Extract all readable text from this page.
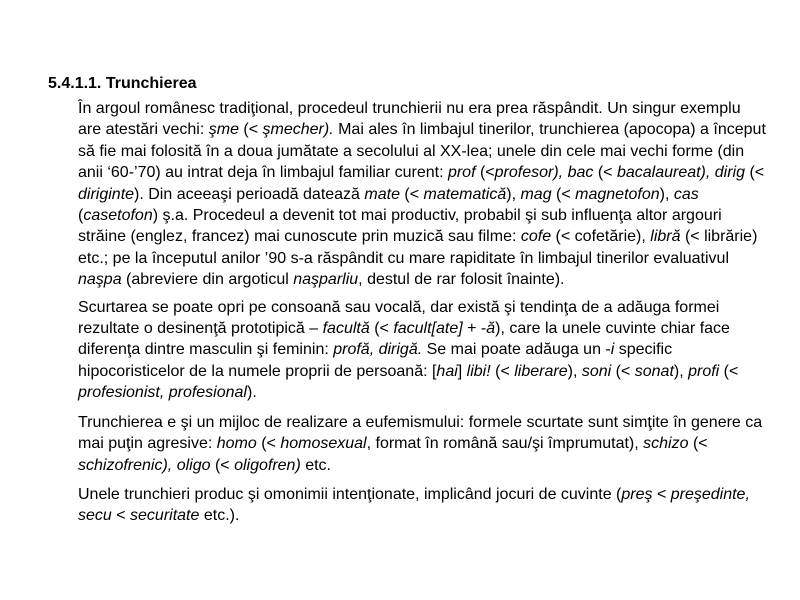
5.4.1.1. Trunchierea

În argoul românesc tradiţional, procedeul trunchierii nu era prea răspândit. Un singur exemplu are atestări vechi: şme (< şmecher). Mai ales în limbajul tinerilor, trunchierea (apocopa) a început să fie mai folosită în a doua jumătate a secolului al XX-lea; unele din cele mai vechi forme (din anii ‘60-’70) au intrat deja în limbajul familiar curent: prof (<profesor), bac (< bacalaureat), dirig (< diriginte). Din aceeaşi perioadă datează mate (< matematică), mag (< magnetofon), cas (casetofon) ş.a. Procedeul a devenit tot mai productiv, probabil şi sub influenţa altor argouri străine (englez, francez) mai cunoscute prin muzică sau filme: cofe (< cofetărie), libră (< librărie) etc.; pe la începutul anilor ’90 s-a răspândit cu mare rapiditate în limbajul tinerilor evaluativul naşpa (abreviere din argoticul naşparliu, destul de rar folosit înainte).

Scurtarea se poate opri pe consoană sau vocală, dar există şi tendinţa de a adăuga formei rezultate o desinenţă prototipică – facultă (< facult[ate] + -ă), care la unele cuvinte chiar face diferenţa dintre masculin şi feminin: profă, dirigă. Se mai poate adăuga un -i specific hipocoristicelor de la numele proprii de persoană: [hai] libi! (< liberare), soni (< sonat), profi (< profesionist, profesional).

Trunchierea e şi un mijloc de realizare a eufemismului: formele scurtate sunt simţite în genere ca mai puţin agresive: homo (< homosexual, format în română sau/şi împrumutat), schizo (< schizofrenic), oligo (< oligofren) etc.

Unele trunchieri produc şi omonimii intenţionate, implicând jocuri de cuvinte (preş < preşedinte, secu < securitate etc.).
